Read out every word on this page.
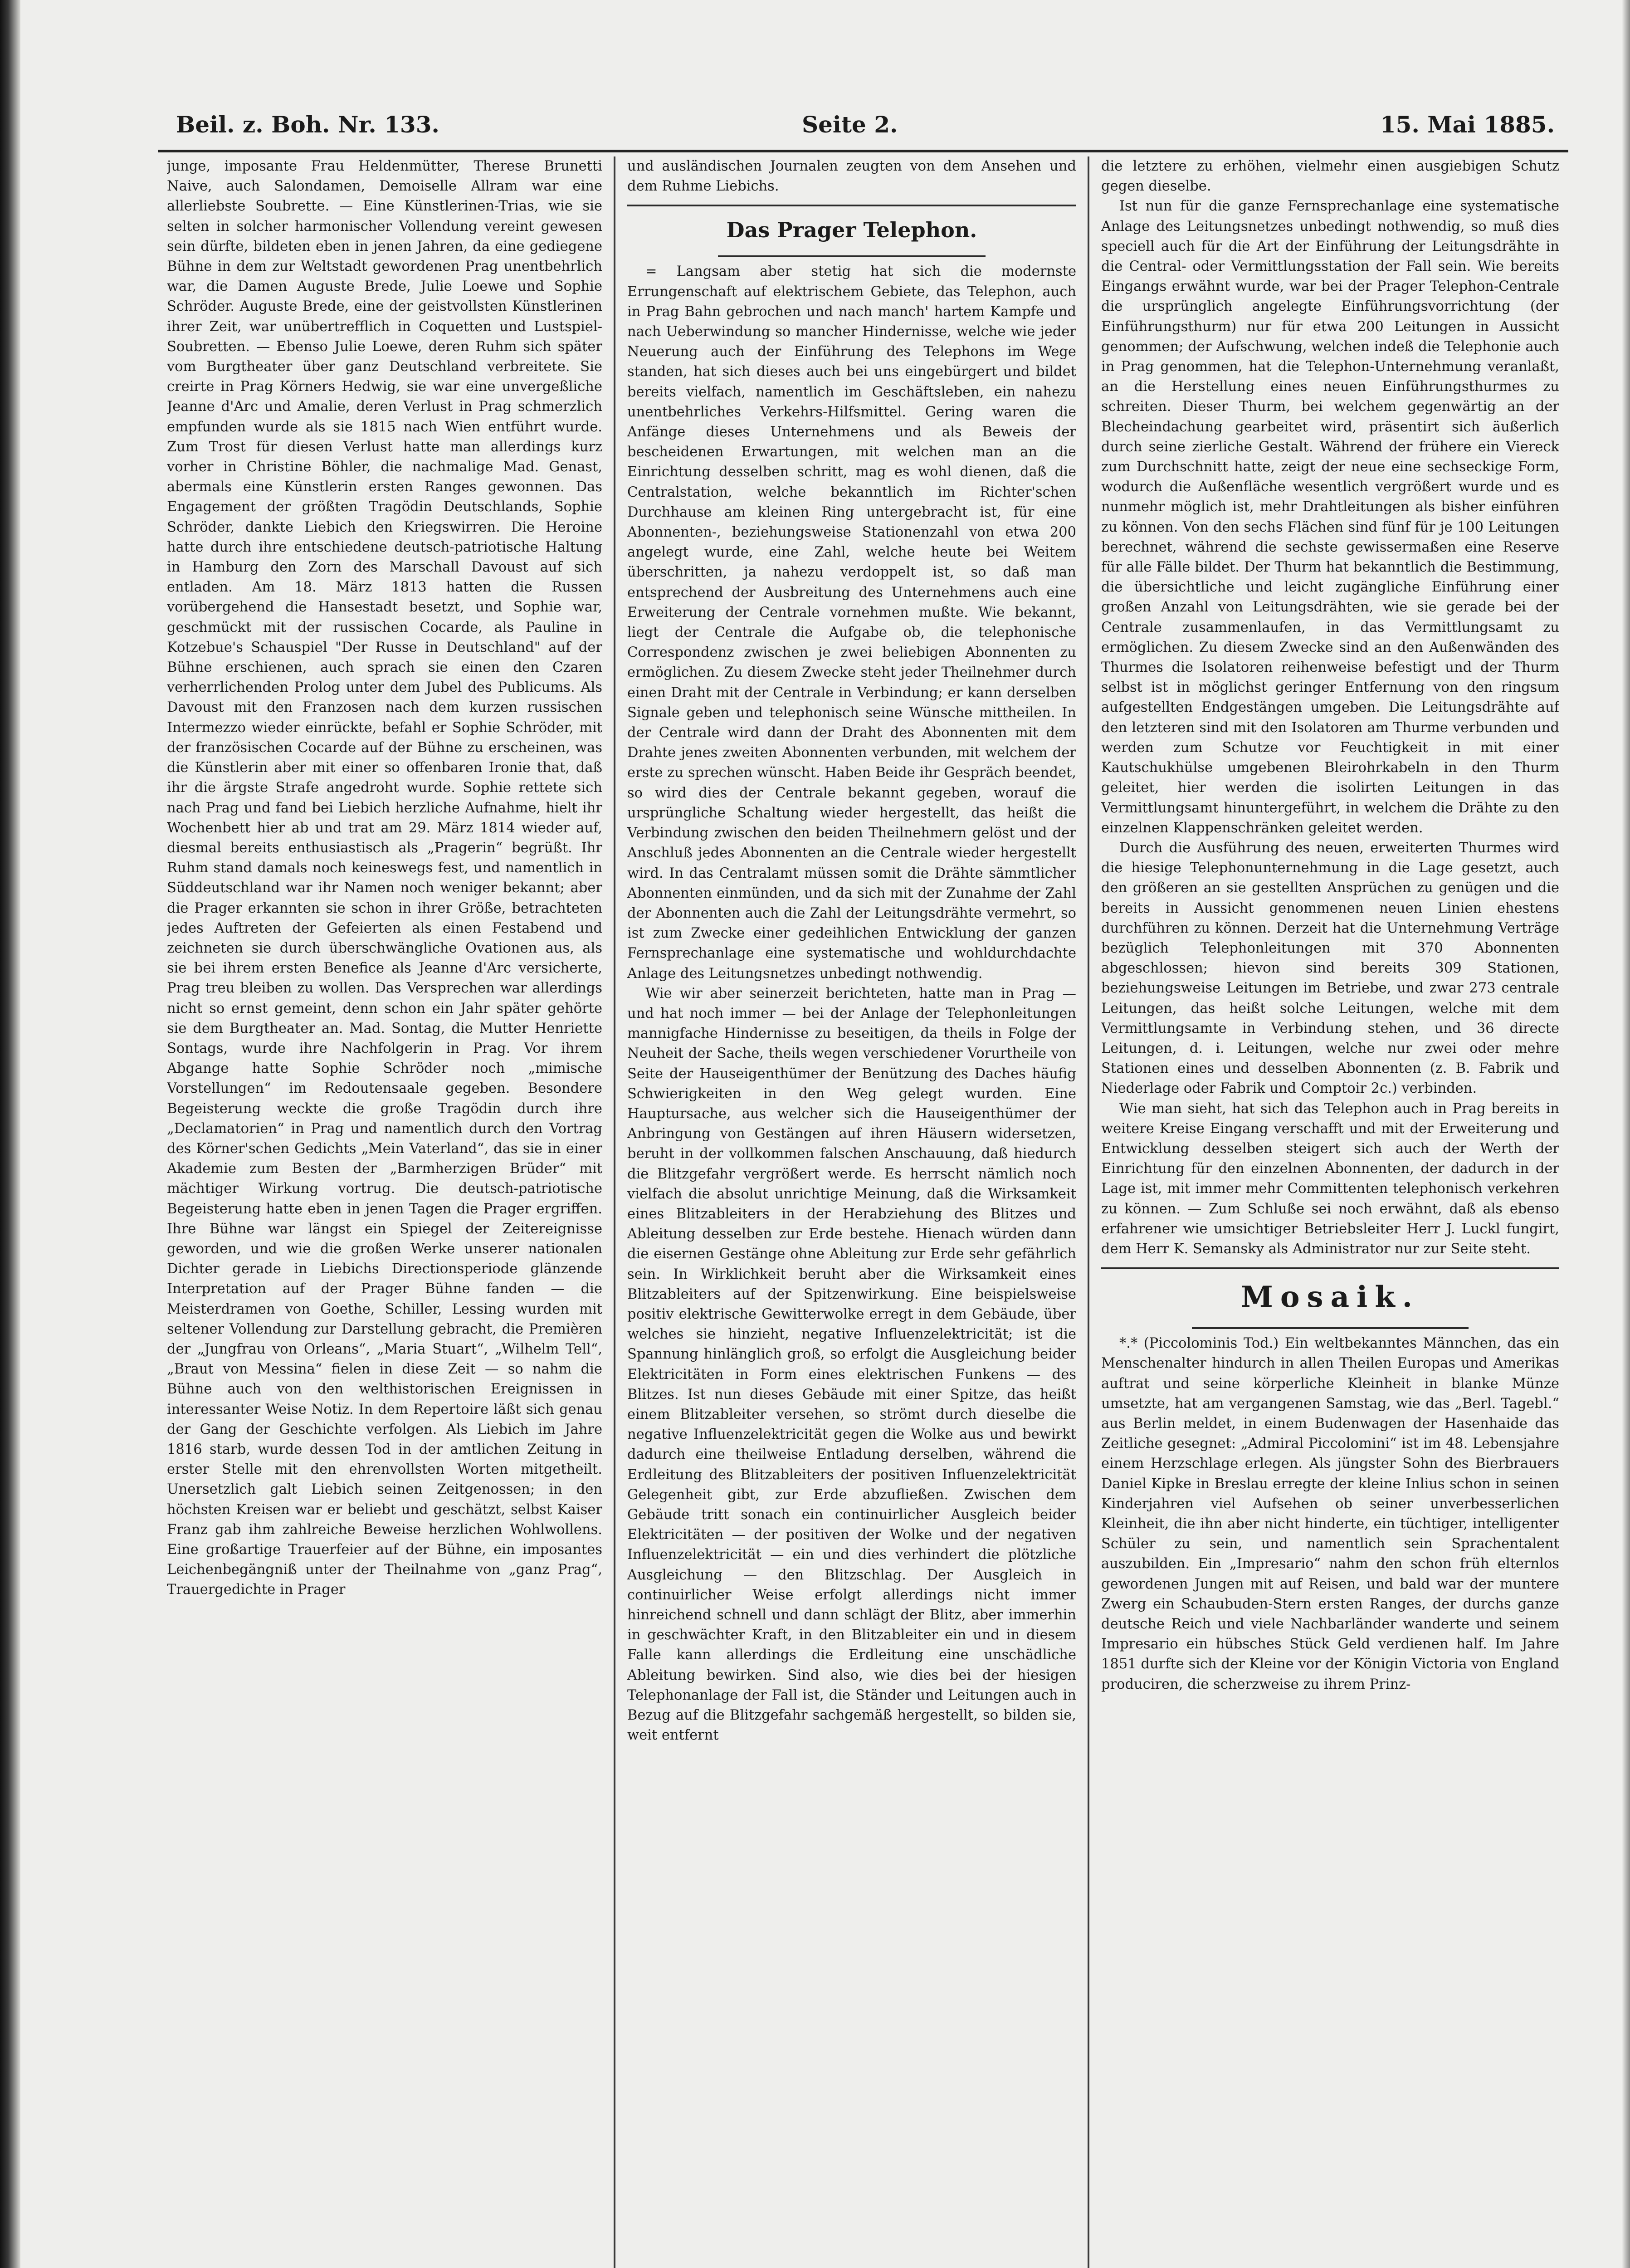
Beil. z. Boh. Nr. 133.	Seite 2.	15. Mai 1885.

junge, imposante Frau Heldenmütter, Therese Brunetti Naive, auch Salondamen, Demoiselle Allram war eine allerliebste Soubrette. — Eine Künstlerinen-Trias, wie sie selten in solcher harmonischer Vollendung vereint gewesen sein dürfte, bildeten eben in jenen Jahren, da eine gediegene Bühne in dem zur Weltstadt gewordenen Prag unentbehrlich war, die Damen Auguste Brede, Julie Loewe und Sophie Schröder. Auguste Brede, eine der geistvollsten Künstlerinen ihrer Zeit, war unübertrefflich in Coquetten und Lustspiel-Soubretten. — Ebenso Julie Loewe, deren Ruhm sich später vom Burgtheater über ganz Deutschland verbreitete. Sie creirte in Prag Körners Hedwig, sie war eine unvergeßliche Jeanne d'Arc und Amalie, deren Verlust in Prag schmerzlich empfunden wurde als sie 1815 nach Wien entführt wurde. Zum Trost für diesen Verlust hatte man allerdings kurz vorher in Christine Böhler, die nachmalige Mad. Genast, abermals eine Künstlerin ersten Ranges gewonnen. Das Engagement der größten Tragödin Deutschlands, Sophie Schröder, dankte Liebich den Kriegswirren. Die Heroine hatte durch ihre entschiedene deutsch-patriotische Haltung in Hamburg den Zorn des Marschall Davoust auf sich entladen. Am 18. März 1813 hatten die Russen vorübergehend die Hansestadt besetzt, und Sophie war, geschmückt mit der russischen Cocarde, als Pauline in Kotzebue's Schauspiel "Der Russe in Deutschland" auf der Bühne erschienen, auch sprach sie einen den Czaren verherrlichenden Prolog unter dem Jubel des Publicums. Als Davoust mit den Franzosen nach dem kurzen russischen Intermezzo wieder einrückte, befahl er Sophie Schröder, mit der französischen Cocarde auf der Bühne zu erscheinen, was die Künstlerin aber mit einer so offenbaren Ironie that, daß ihr die ärgste Strafe angedroht wurde. Sophie rettete sich nach Prag und fand bei Liebich herzliche Aufnahme, hielt ihr Wochenbett hier ab und trat am 29. März 1814 wieder auf, diesmal bereits enthusiastisch als „Pragerin“ begrüßt. Ihr Ruhm stand damals noch keineswegs fest, und namentlich in Süddeutschland war ihr Namen noch weniger bekannt; aber die Prager erkannten sie schon in ihrer Größe, betrachteten jedes Auftreten der Gefeierten als einen Festabend und zeichneten sie durch überschwängliche Ovationen aus, als sie bei ihrem ersten Benefice als Jeanne d'Arc versicherte, Prag treu bleiben zu wollen. Das Versprechen war allerdings nicht so ernst gemeint, denn schon ein Jahr später gehörte sie dem Burgtheater an. Mad. Sontag, die Mutter Henriette Sontags, wurde ihre Nachfolgerin in Prag. Vor ihrem Abgange hatte Sophie Schröder noch „mimische Vorstellungen“ im Redoutensaale gegeben. Besondere Begeisterung weckte die große Tragödin durch ihre „Declamatorien“ in Prag und namentlich durch den Vortrag des Körner'schen Gedichts „Mein Vaterland“, das sie in einer Akademie zum Besten der „Barmherzigen Brüder“ mit mächtiger Wirkung vortrug. Die deutsch-patriotische Begeisterung hatte eben in jenen Tagen die Prager ergriffen. Ihre Bühne war längst ein Spiegel der Zeitereignisse geworden, und wie die großen Werke unserer nationalen Dichter gerade in Liebichs Directionsperiode glänzende Interpretation auf der Prager Bühne fanden — die Meisterdramen von Goethe, Schiller, Lessing wurden mit seltener Vollendung zur Darstellung gebracht, die Premièren der „Jungfrau von Orleans“, „Maria Stuart“, „Wilhelm Tell“, „Braut von Messina“ fielen in diese Zeit — so nahm die Bühne auch von den welthistorischen Ereignissen in interessanter Weise Notiz. In dem Repertoire läßt sich genau der Gang der Geschichte verfolgen. Als Liebich im Jahre 1816 starb, wurde dessen Tod in der amtlichen Zeitung in erster Stelle mit den ehrenvollsten Worten mitgetheilt. Unersetzlich galt Liebich seinen Zeitgenossen; in den höchsten Kreisen war er beliebt und geschätzt, selbst Kaiser Franz gab ihm zahlreiche Beweise herzlichen Wohlwollens. Eine großartige Trauerfeier auf der Bühne, ein imposantes Leichenbegängniß unter der Theilnahme von „ganz Prag“, Trauergedichte in Prager

und ausländischen Journalen zeugten von dem Ansehen und dem Ruhme Liebichs.

Das Prager Telephon.

= Langsam aber stetig hat sich die modernste Errungenschaft auf elektrischem Gebiete, das Telephon, auch in Prag Bahn gebrochen und nach manch' hartem Kampfe und nach Ueberwindung so mancher Hindernisse, welche wie jeder Neuerung auch der Einführung des Telephons im Wege standen, hat sich dieses auch bei uns eingebürgert und bildet bereits vielfach, namentlich im Geschäftsleben, ein nahezu unentbehrliches Verkehrs-Hilfsmittel. Gering waren die Anfänge dieses Unternehmens und als Beweis der bescheidenen Erwartungen, mit welchen man an die Einrichtung desselben schritt, mag es wohl dienen, daß die Centralstation, welche bekanntlich im Richter'schen Durchhause am kleinen Ring untergebracht ist, für eine Abonnenten-, beziehungsweise Stationenzahl von etwa 200 angelegt wurde, eine Zahl, welche heute bei Weitem überschritten, ja nahezu verdoppelt ist, so daß man entsprechend der Ausbreitung des Unternehmens auch eine Erweiterung der Centrale vornehmen mußte. Wie bekannt, liegt der Centrale die Aufgabe ob, die telephonische Correspondenz zwischen je zwei beliebigen Abonnenten zu ermöglichen. Zu diesem Zwecke steht jeder Theilnehmer durch einen Draht mit der Centrale in Verbindung; er kann derselben Signale geben und telephonisch seine Wünsche mittheilen. In der Centrale wird dann der Draht des Abonnenten mit dem Drahte jenes zweiten Abonnenten verbunden, mit welchem der erste zu sprechen wünscht. Haben Beide ihr Gespräch beendet, so wird dies der Centrale bekannt gegeben, worauf die ursprüngliche Schaltung wieder hergestellt, das heißt die Verbindung zwischen den beiden Theilnehmern gelöst und der Anschluß jedes Abonnenten an die Centrale wieder hergestellt wird. In das Centralamt müssen somit die Drähte sämmtlicher Abonnenten einmünden, und da sich mit der Zunahme der Zahl der Abonnenten auch die Zahl der Leitungsdrähte vermehrt, so ist zum Zwecke einer gedeihlichen Entwicklung der ganzen Fernsprechanlage eine systematische und wohldurchdachte Anlage des Leitungsnetzes unbedingt nothwendig.

Wie wir aber seinerzeit berichteten, hatte man in Prag — und hat noch immer — bei der Anlage der Telephonleitungen mannigfache Hindernisse zu beseitigen, da theils in Folge der Neuheit der Sache, theils wegen verschiedener Vorurtheile von Seite der Hauseigenthümer der Benützung des Daches häufig Schwierigkeiten in den Weg gelegt wurden. Eine Hauptursache, aus welcher sich die Hauseigenthümer der Anbringung von Gestängen auf ihren Häusern widersetzen, beruht in der vollkommen falschen Anschauung, daß hiedurch die Blitzgefahr vergrößert werde. Es herrscht nämlich noch vielfach die absolut unrichtige Meinung, daß die Wirksamkeit eines Blitzableiters in der Herabziehung des Blitzes und Ableitung desselben zur Erde bestehe. Hienach würden dann die eisernen Gestänge ohne Ableitung zur Erde sehr gefährlich sein. In Wirklichkeit beruht aber die Wirksamkeit eines Blitzableiters auf der Spitzenwirkung. Eine beispielsweise positiv elektrische Gewitterwolke erregt in dem Gebäude, über welches sie hinzieht, negative Influenzelektricität; ist die Spannung hinlänglich groß, so erfolgt die Ausgleichung beider Elektricitäten in Form eines elektrischen Funkens — des Blitzes. Ist nun dieses Gebäude mit einer Spitze, das heißt einem Blitzableiter versehen, so strömt durch dieselbe die negative Influenzelektricität gegen die Wolke aus und bewirkt dadurch eine theilweise Entladung derselben, während die Erdleitung des Blitzableiters der positiven Influenzelektricität Gelegenheit gibt, zur Erde abzufließen. Zwischen dem Gebäude tritt sonach ein continuirlicher Ausgleich beider Elektricitäten — der positiven der Wolke und der negativen Influenzelektricität — ein und dies verhindert die plötzliche Ausgleichung — den Blitzschlag. Der Ausgleich in continuirlicher Weise erfolgt allerdings nicht immer hinreichend schnell und dann schlägt der Blitz, aber immerhin in geschwächter Kraft, in den Blitzableiter ein und in diesem Falle kann allerdings die Erdleitung eine unschädliche Ableitung bewirken. Sind also, wie dies bei der hiesigen Telephonanlage der Fall ist, die Ständer und Leitungen auch in Bezug auf die Blitzgefahr sachgemäß hergestellt, so bilden sie, weit entfernt

die letztere zu erhöhen, vielmehr einen ausgiebigen Schutz gegen dieselbe.

Ist nun für die ganze Fernsprechanlage eine systematische Anlage des Leitungsnetzes unbedingt nothwendig, so muß dies speciell auch für die Art der Einführung der Leitungsdrähte in die Central- oder Vermittlungsstation der Fall sein. Wie bereits Eingangs erwähnt wurde, war bei der Prager Telephon-Centrale die ursprünglich angelegte Einführungsvorrichtung (der Einführungsthurm) nur für etwa 200 Leitungen in Aussicht genommen; der Aufschwung, welchen indeß die Telephonie auch in Prag genommen, hat die Telephon-Unternehmung veranlaßt, an die Herstellung eines neuen Einführungsthurmes zu schreiten. Dieser Thurm, bei welchem gegenwärtig an der Blecheindachung gearbeitet wird, präsentirt sich äußerlich durch seine zierliche Gestalt. Während der frühere ein Viereck zum Durchschnitt hatte, zeigt der neue eine sechseckige Form, wodurch die Außenfläche wesentlich vergrößert wurde und es nunmehr möglich ist, mehr Drahtleitungen als bisher einführen zu können. Von den sechs Flächen sind fünf für je 100 Leitungen berechnet, während die sechste gewissermaßen eine Reserve für alle Fälle bildet. Der Thurm hat bekanntlich die Bestimmung, die übersichtliche und leicht zugängliche Einführung einer großen Anzahl von Leitungsdrähten, wie sie gerade bei der Centrale zusammenlaufen, in das Vermittlungsamt zu ermöglichen. Zu diesem Zwecke sind an den Außenwänden des Thurmes die Isolatoren reihenweise befestigt und der Thurm selbst ist in möglichst geringer Entfernung von den ringsum aufgestellten Endgestängen umgeben. Die Leitungsdrähte auf den letzteren sind mit den Isolatoren am Thurme verbunden und werden zum Schutze vor Feuchtigkeit in mit einer Kautschukhülse umgebenen Bleirohrkabeln in den Thurm geleitet, hier werden die isolirten Leitungen in das Vermittlungsamt hinuntergeführt, in welchem die Drähte zu den einzelnen Klappenschränken geleitet werden.

Durch die Ausführung des neuen, erweiterten Thurmes wird die hiesige Telephonunternehmung in die Lage gesetzt, auch den größeren an sie gestellten Ansprüchen zu genügen und die bereits in Aussicht genommenen neuen Linien ehestens durchführen zu können. Derzeit hat die Unternehmung Verträge bezüglich Telephonleitungen mit 370 Abonnenten abgeschlossen; hievon sind bereits 309 Stationen, beziehungsweise Leitungen im Betriebe, und zwar 273 centrale Leitungen, das heißt solche Leitungen, welche mit dem Vermittlungsamte in Verbindung stehen, und 36 directe Leitungen, d. i. Leitungen, welche nur zwei oder mehre Stationen eines und desselben Abonnenten (z. B. Fabrik und Niederlage oder Fabrik und Comptoir 2c.) verbinden.

Wie man sieht, hat sich das Telephon auch in Prag bereits in weitere Kreise Eingang verschafft und mit der Erweiterung und Entwicklung desselben steigert sich auch der Werth der Einrichtung für den einzelnen Abonnenten, der dadurch in der Lage ist, mit immer mehr Committenten telephonisch verkehren zu können. — Zum Schluße sei noch erwähnt, daß als ebenso erfahrener wie umsichtiger Betriebsleiter Herr J. Luckl fungirt, dem Herr K. Semansky als Administrator nur zur Seite steht.

Mosaik.

*.* (Piccolominis Tod.) Ein weltbekanntes Männchen, das ein Menschenalter hindurch in allen Theilen Europas und Amerikas auftrat und seine körperliche Kleinheit in blanke Münze umsetzte, hat am vergangenen Samstag, wie das „Berl. Tagebl.“ aus Berlin meldet, in einem Budenwagen der Hasenhaide das Zeitliche gesegnet: „Admiral Piccolomini“ ist im 48. Lebensjahre einem Herzschlage erlegen. Als jüngster Sohn des Bierbrauers Daniel Kipke in Breslau erregte der kleine Inlius schon in seinen Kinderjahren viel Aufsehen ob seiner unverbesserlichen Kleinheit, die ihn aber nicht hinderte, ein tüchtiger, intelligenter Schüler zu sein, und namentlich sein Sprachentalent auszubilden. Ein „Impresario“ nahm den schon früh elternlos gewordenen Jungen mit auf Reisen, und bald war der muntere Zwerg ein Schaubuden-Stern ersten Ranges, der durchs ganze deutsche Reich und viele Nachbarländer wanderte und seinem Impresario ein hübsches Stück Geld verdienen half. Im Jahre 1851 durfte sich der Kleine vor der Königin Victoria von England produciren, die scherzweise zu ihrem Prinz-
